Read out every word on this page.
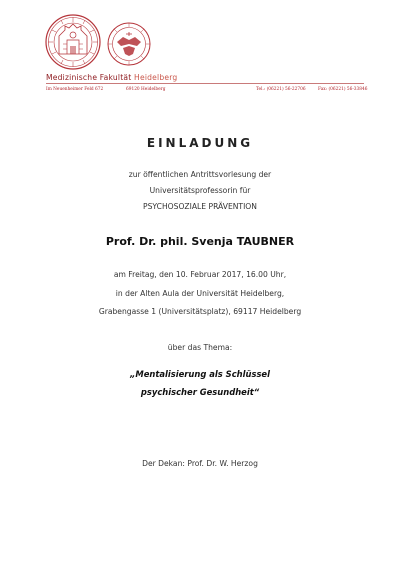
Medizinische Fakultät Heidelberg
Im Neuenheimer Feld 672	69120 Heidelberg	Tel.: (06221) 56-22706	Fax: (06221) 56-33846
EINLADUNG
zur öffentlichen Antrittsvorlesung der
Universitätsprofessorin für
PSYCHOSOZIALE PRÄVENTION
Prof. Dr. phil. Svenja TAUBNER
am Freitag, den 10. Februar 2017, 16.00 Uhr,
in der Alten Aula der Universität Heidelberg,
Grabengasse 1 (Universitätsplatz), 69117 Heidelberg
über das Thema:
„Mentalisierung als Schlüssel
psychischer Gesundheit“
Der Dekan: Prof. Dr. W. Herzog
